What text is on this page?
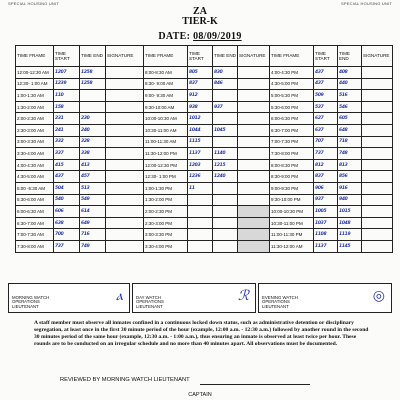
SPECIAL HOUSING UNIT	SPECIAL HOUSING UNIT
ZA
TIER-K
DATE: 08/09/2019
TIME FRAME	TIME START	TIME END	SIGNATURE	TIME FRAME	TIME START	TIME END	SIGNATURE	TIME FRAME	TIME START	TIME END	SIGNATURE
12:00-12:30 AM	1207	1258		8:00-8:30 AM	805	830		4:00-4:30 PM	437	408	
12:30- 1:00 AM	1239	1258		8:30- 9:00 AM	837	846		4:30-5:00 PM	437	440	
1:00-1:30 AM	110			9:00- 9:30 AM	912			5:00-5:30 PM	509	516	
1:30-2:00 AM	158			9:30-10:00 AM	938	937		5:30-6:00 PM	537	546	
2:00-2:30 AM	231	230		10:00-10:30 AM	1012			6:00-6:30 PM	627	605	
2:30-3:00 AM	241	240		10:30-11:00 AM	1044	1045		6:30-7:00 PM	637	648	
3:00-3:30 AM	332	328		11:00-11:30 AM	1115			7:00-7:30 PM	707	718	
3:30-4:00 AM	337	338		11:30-12:00 PM	1137	1140		7:30-8:00 PM	737	748	
4:00-4:30 AM	415	413		12:00-12:30 PM	1203	1215		8:00-8:30 PM	812	813	
4:30-5:00 AM	437	457		12:30- 1:00 PM	1236	1240		8:30-9:00 PM	837	856	
5:00 -5:30 AM	504	513		1:00-1:30 PM	11			9:00-9:30 PM	906	916	
5:30-6:00 AM	540	549		1:30-2:00 PM				9:30-10:00 PM	937	940	
6:00-6:30 AM	606	614		2:00-2:30 PM				10:00-10:30 PM	1005	1015	
6:30-7:00 AM	638	649		2:30-3:00 PM				10:30-11:00 PM	1037	1048	
7:00-7:30 AM	700	716		3:00-3:30 PM				11:00-11:30 PM	1108	1119	
7:30-8:00 AM	737	749		3:30-4:00 PM				11:30-12:00 AM	1137	1145	
MORNING WATCH
OPERATIONS
LIEUTENANT
ⲁ	DAY WATCH
OPERATIONS
LIEUTENANT
ℛ	EVENING WATCH
OPERATIONS
LIEUTENANT
◎
A staff member must observe all inmates confined in a continuous locked down status, such as administrative detention or disciplinary segregation, at least once in the first 30 minute period of the hour (example, 12:00 a.m. - 12:30 a.m.) followed by another round in the second 30 minutes period of the same hour (example, 12:30 a.m. - 1:00 a.m.), thus ensuring an inmate is observed at least twice per hour. These rounds are to be conducted on an irregular schedule and no more than 40 minutes apart. All observations must be documented.
REVIEWED BY MORNING WATCH LIEUTENANT
CAPTAIN
